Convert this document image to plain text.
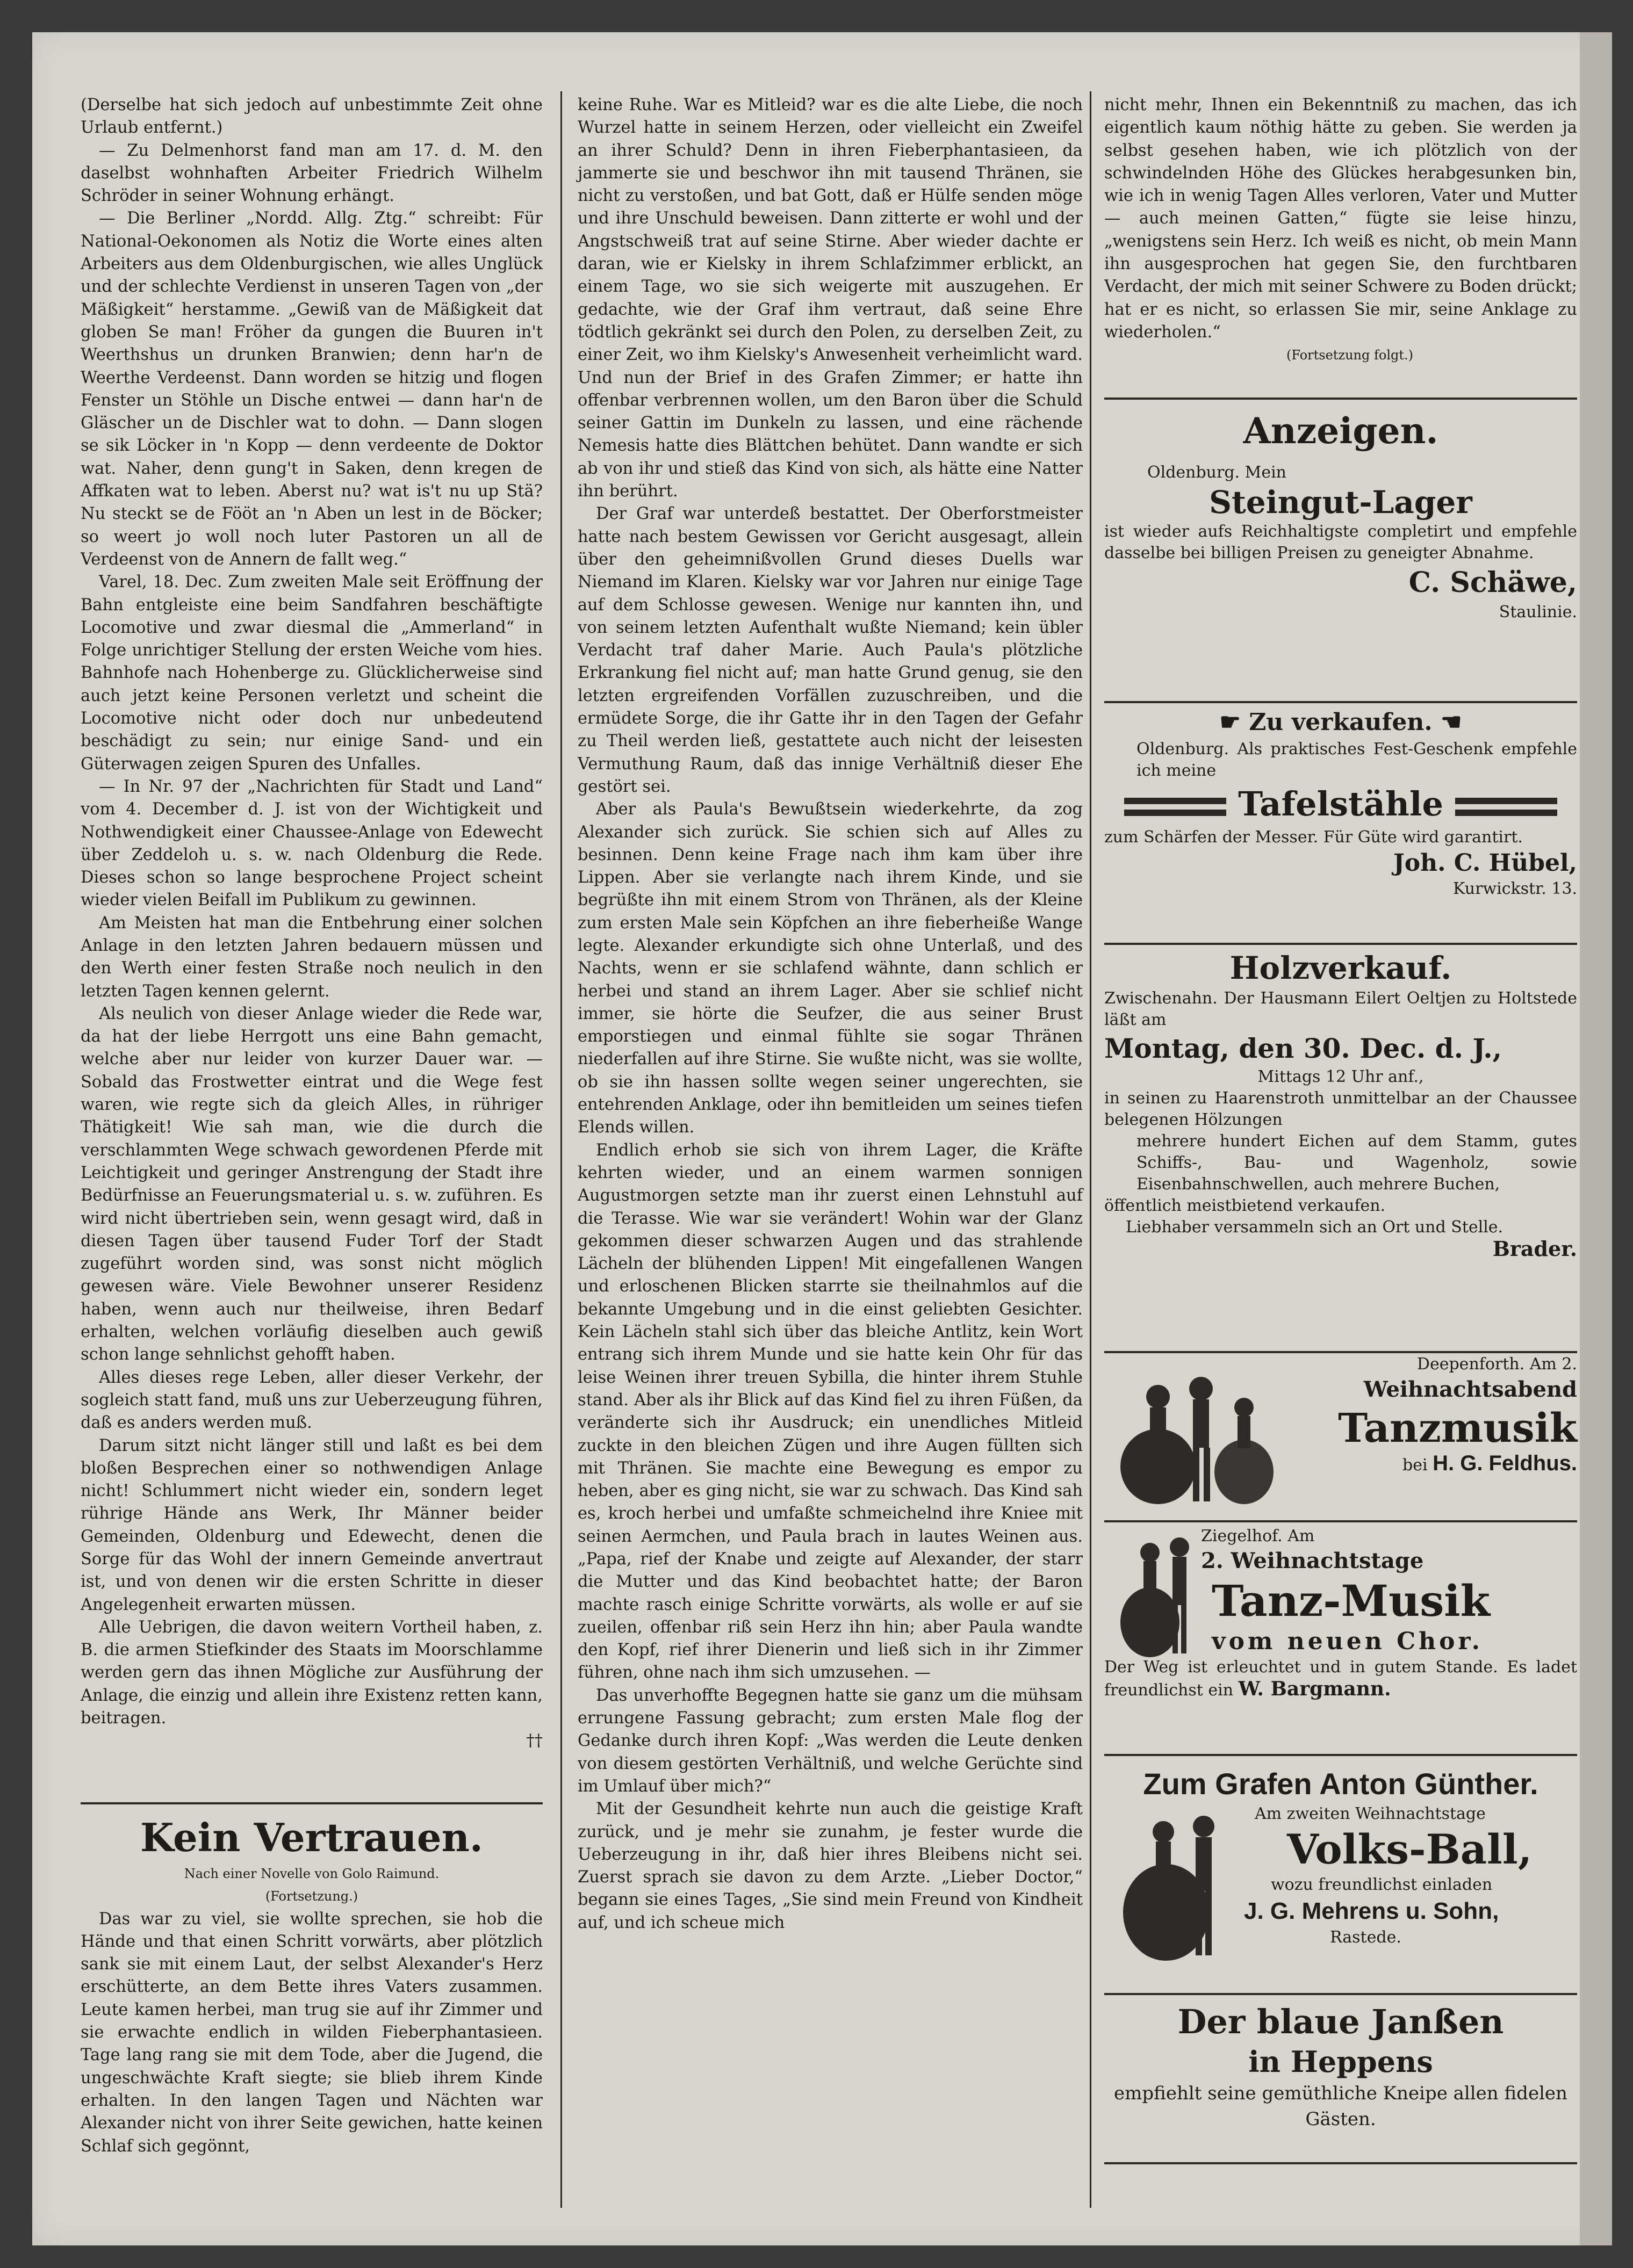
(Derselbe hat sich jedoch auf unbestimmte Zeit ohne Urlaub entfernt.)

— Zu Delmenhorst fand man am 17. d. M. den daselbst wohnhaften Arbeiter Friedrich Wilhelm Schröder in seiner Wohnung erhängt.

— Die Berliner „Nordd. Allg. Ztg.“ schreibt: Für National-Oekonomen als Notiz die Worte eines alten Arbeiters aus dem Oldenburgischen, wie alles Unglück und der schlechte Verdienst in unseren Tagen von „der Mäßigkeit“ herstamme. „Gewiß van de Mäßigkeit dat globen Se man! Fröher da gungen die Buuren in't Weerthshus un drunken Branwien; denn har'n de Weerthe Verdeenst. Dann worden se hitzig und flogen Fenster un Stöhle un Dische entwei — dann har'n de Gläscher un de Dischler wat to dohn. — Dann slogen se sik Löcker in 'n Kopp — denn verdeente de Doktor wat. Naher, denn gung't in Saken, denn kregen de Affkaten wat to leben. Aberst nu? wat is't nu up Stä? Nu steckt se de Fööt an 'n Aben un lest in de Böcker; so weert jo woll noch luter Pastoren un all de Verdeenst von de Annern de fallt weg.“

Varel, 18. Dec. Zum zweiten Male seit Eröffnung der Bahn entgleiste eine beim Sandfahren beschäftigte Locomotive und zwar diesmal die „Ammerland“ in Folge unrichtiger Stellung der ersten Weiche vom hies. Bahnhofe nach Hohenberge zu. Glücklicherweise sind auch jetzt keine Personen verletzt und scheint die Locomotive nicht oder doch nur unbedeutend beschädigt zu sein; nur einige Sand- und ein Güterwagen zeigen Spuren des Unfalles.

— In Nr. 97 der „Nachrichten für Stadt und Land“ vom 4. December d. J. ist von der Wichtigkeit und Nothwendigkeit einer Chaussee-Anlage von Edewecht über Zeddeloh u. s. w. nach Oldenburg die Rede. Dieses schon so lange besprochene Project scheint wieder vielen Beifall im Publikum zu gewinnen.

Am Meisten hat man die Entbehrung einer solchen Anlage in den letzten Jahren bedauern müssen und den Werth einer festen Straße noch neulich in den letzten Tagen kennen gelernt.

Als neulich von dieser Anlage wieder die Rede war, da hat der liebe Herrgott uns eine Bahn gemacht, welche aber nur leider von kurzer Dauer war. — Sobald das Frostwetter eintrat und die Wege fest waren, wie regte sich da gleich Alles, in rühriger Thätigkeit! Wie sah man, wie die durch die verschlammten Wege schwach gewordenen Pferde mit Leichtigkeit und geringer Anstrengung der Stadt ihre Bedürfnisse an Feuerungsmaterial u. s. w. zuführen. Es wird nicht übertrieben sein, wenn gesagt wird, daß in diesen Tagen über tausend Fuder Torf der Stadt zugeführt worden sind, was sonst nicht möglich gewesen wäre. Viele Bewohner unserer Residenz haben, wenn auch nur theilweise, ihren Bedarf erhalten, welchen vorläufig dieselben auch gewiß schon lange sehnlichst gehofft haben.

Alles dieses rege Leben, aller dieser Verkehr, der sogleich statt fand, muß uns zur Ueberzeugung führen, daß es anders werden muß.

Darum sitzt nicht länger still und laßt es bei dem bloßen Besprechen einer so nothwendigen Anlage nicht! Schlummert nicht wieder ein, sondern leget rührige Hände ans Werk, Ihr Männer beider Gemeinden, Oldenburg und Edewecht, denen die Sorge für das Wohl der innern Gemeinde anvertraut ist, und von denen wir die ersten Schritte in dieser Angelegenheit erwarten müssen.

Alle Uebrigen, die davon weitern Vortheil haben, z. B. die armen Stiefkinder des Staats im Moorschlamme werden gern das ihnen Mögliche zur Ausführung der Anlage, die einzig und allein ihre Existenz retten kann, beitragen.

††

Kein Vertrauen.
Nach einer Novelle von Golo Raimund.
(Fortsetzung.)

Das war zu viel, sie wollte sprechen, sie hob die Hände und that einen Schritt vorwärts, aber plötzlich sank sie mit einem Laut, der selbst Alexander's Herz erschütterte, an dem Bette ihres Vaters zusammen. Leute kamen herbei, man trug sie auf ihr Zimmer und sie erwachte endlich in wilden Fieberphantasieen. Tage lang rang sie mit dem Tode, aber die Jugend, die ungeschwächte Kraft siegte; sie blieb ihrem Kinde erhalten. In den langen Tagen und Nächten war Alexander nicht von ihrer Seite gewichen, hatte keinen Schlaf sich gegönnt,

keine Ruhe. War es Mitleid? war es die alte Liebe, die noch Wurzel hatte in seinem Herzen, oder vielleicht ein Zweifel an ihrer Schuld? Denn in ihren Fieberphantasieen, da jammerte sie und beschwor ihn mit tausend Thränen, sie nicht zu verstoßen, und bat Gott, daß er Hülfe senden möge und ihre Unschuld beweisen. Dann zitterte er wohl und der Angstschweiß trat auf seine Stirne. Aber wieder dachte er daran, wie er Kielsky in ihrem Schlafzimmer erblickt, an einem Tage, wo sie sich weigerte mit auszugehen. Er gedachte, wie der Graf ihm vertraut, daß seine Ehre tödtlich gekränkt sei durch den Polen, zu derselben Zeit, zu einer Zeit, wo ihm Kielsky's Anwesenheit verheimlicht ward. Und nun der Brief in des Grafen Zimmer; er hatte ihn offenbar verbrennen wollen, um den Baron über die Schuld seiner Gattin im Dunkeln zu lassen, und eine rächende Nemesis hatte dies Blättchen behütet. Dann wandte er sich ab von ihr und stieß das Kind von sich, als hätte eine Natter ihn berührt.

Der Graf war unterdeß bestattet. Der Oberforstmeister hatte nach bestem Gewissen vor Gericht ausgesagt, allein über den geheimnißvollen Grund dieses Duells war Niemand im Klaren. Kielsky war vor Jahren nur einige Tage auf dem Schlosse gewesen. Wenige nur kannten ihn, und von seinem letzten Aufenthalt wußte Niemand; kein übler Verdacht traf daher Marie. Auch Paula's plötzliche Erkrankung fiel nicht auf; man hatte Grund genug, sie den letzten ergreifenden Vorfällen zuzuschreiben, und die ermüdete Sorge, die ihr Gatte ihr in den Tagen der Gefahr zu Theil werden ließ, gestattete auch nicht der leisesten Vermuthung Raum, daß das innige Verhältniß dieser Ehe gestört sei.

Aber als Paula's Bewußtsein wiederkehrte, da zog Alexander sich zurück. Sie schien sich auf Alles zu besinnen. Denn keine Frage nach ihm kam über ihre Lippen. Aber sie verlangte nach ihrem Kinde, und sie begrüßte ihn mit einem Strom von Thränen, als der Kleine zum ersten Male sein Köpfchen an ihre fieberheiße Wange legte. Alexander erkundigte sich ohne Unterlaß, und des Nachts, wenn er sie schlafend wähnte, dann schlich er herbei und stand an ihrem Lager. Aber sie schlief nicht immer, sie hörte die Seufzer, die aus seiner Brust emporstiegen und einmal fühlte sie sogar Thränen niederfallen auf ihre Stirne. Sie wußte nicht, was sie wollte, ob sie ihn hassen sollte wegen seiner ungerechten, sie entehrenden Anklage, oder ihn bemitleiden um seines tiefen Elends willen.

Endlich erhob sie sich von ihrem Lager, die Kräfte kehrten wieder, und an einem warmen sonnigen Augustmorgen setzte man ihr zuerst einen Lehnstuhl auf die Terasse. Wie war sie verändert! Wohin war der Glanz gekommen dieser schwarzen Augen und das strahlende Lächeln der blühenden Lippen! Mit eingefallenen Wangen und erloschenen Blicken starrte sie theilnahmlos auf die bekannte Umgebung und in die einst geliebten Gesichter. Kein Lächeln stahl sich über das bleiche Antlitz, kein Wort entrang sich ihrem Munde und sie hatte kein Ohr für das leise Weinen ihrer treuen Sybilla, die hinter ihrem Stuhle stand. Aber als ihr Blick auf das Kind fiel zu ihren Füßen, da veränderte sich ihr Ausdruck; ein unendliches Mitleid zuckte in den bleichen Zügen und ihre Augen füllten sich mit Thränen. Sie machte eine Bewegung es empor zu heben, aber es ging nicht, sie war zu schwach. Das Kind sah es, kroch herbei und umfaßte schmeichelnd ihre Kniee mit seinen Aermchen, und Paula brach in lautes Weinen aus. „Papa, rief der Knabe und zeigte auf Alexander, der starr die Mutter und das Kind beobachtet hatte; der Baron machte rasch einige Schritte vorwärts, als wolle er auf sie zueilen, offenbar riß sein Herz ihn hin; aber Paula wandte den Kopf, rief ihrer Dienerin und ließ sich in ihr Zimmer führen, ohne nach ihm sich umzusehen. —

Das unverhoffte Begegnen hatte sie ganz um die mühsam errungene Fassung gebracht; zum ersten Male flog der Gedanke durch ihren Kopf: „Was werden die Leute denken von diesem gestörten Verhältniß, und welche Gerüchte sind im Umlauf über mich?“

Mit der Gesundheit kehrte nun auch die geistige Kraft zurück, und je mehr sie zunahm, je fester wurde die Ueberzeugung in ihr, daß hier ihres Bleibens nicht sei. Zuerst sprach sie davon zu dem Arzte. „Lieber Doctor,“ begann sie eines Tages, „Sie sind mein Freund von Kindheit auf, und ich scheue mich

nicht mehr, Ihnen ein Bekenntniß zu machen, das ich eigentlich kaum nöthig hätte zu geben. Sie werden ja selbst gesehen haben, wie ich plötzlich von der schwindelnden Höhe des Glückes herabgesunken bin, wie ich in wenig Tagen Alles verloren, Vater und Mutter — auch meinen Gatten,“ fügte sie leise hinzu, „wenigstens sein Herz. Ich weiß es nicht, ob mein Mann ihn ausgesprochen hat gegen Sie, den furchtbaren Verdacht, der mich mit seiner Schwere zu Boden drückt; hat er es nicht, so erlassen Sie mir, seine Anklage zu wiederholen.“

(Fortsetzung folgt.)

Anzeigen.

Oldenburg. Mein

Steingut-Lager

ist wieder aufs Reichhaltigste completirt und empfehle dasselbe bei billigen Preisen zu geneigter Abnahme.

C. Schäwe,

Staulinie.

☛ Zu verkaufen. ☚

Oldenburg. Als praktisches Fest-Geschenk empfehle ich meine

Tafelstähle

zum Schärfen der Messer. Für Güte wird garantirt.

Joh. C. Hübel,

Kurwickstr. 13.

Holzverkauf.

Zwischenahn. Der Hausmann Eilert Oeltjen zu Holtstede läßt am

Montag, den 30. Dec. d. J.,

Mittags 12 Uhr anf.,

in seinen zu Haarenstroth unmittelbar an der Chaussee belegenen Hölzungen

mehrere hundert Eichen auf dem Stamm, gutes Schiffs-, Bau- und Wagenholz, sowie Eisenbahnschwellen, auch mehrere Buchen,

öffentlich meistbietend verkaufen.

Liebhaber versammeln sich an Ort und Stelle.

Brader.

Deepenforth. Am 2.

Weihnachtsabend

Tanzmusik

bei H. G. Feldhus.

Ziegelhof. Am

2. Weihnachtstage

Tanz-Musik

vom neuen Chor.

Der Weg ist erleuchtet und in gutem Stande. Es ladet freundlichst ein W. Bargmann.

Zum Grafen Anton Günther.

Am zweiten Weihnachtstage

Volks-Ball,

wozu freundlichst einladen

J. G. Mehrens u. Sohn,

Rastede.

Der blaue Janßen

in Heppens

empfiehlt seine gemüthliche Kneipe allen fidelen Gästen.
